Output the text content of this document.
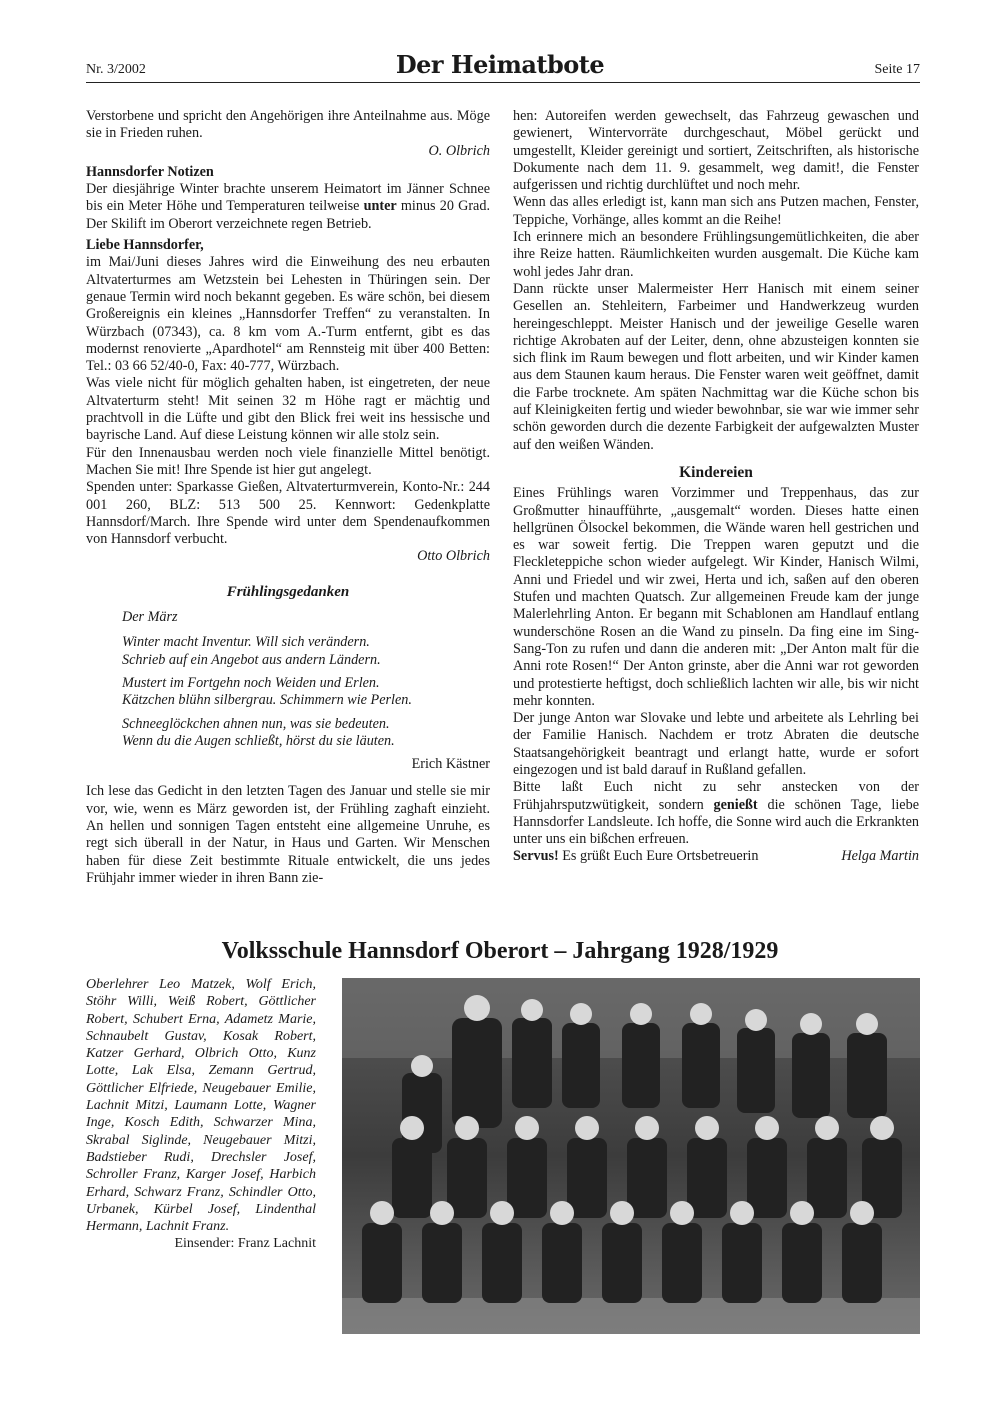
Nr. 3/2002	Der Heimatbote	Seite 17

Verstorbene und spricht den Angehörigen ihre Anteilnahme aus. Möge sie in Frieden ruhen.

O. Olbrich
Hannsdorfer Notizen

Der diesjährige Winter brachte unserem Heimatort im Jänner Schnee bis ein Meter Höhe und Temperaturen teilweise unter minus 20 Grad. Der Skilift im Oberort verzeichnete regen Betrieb.

Liebe Hannsdorfer,

im Mai/Juni dieses Jahres wird die Einweihung des neu erbauten Altvaterturmes am Wetzstein bei Lehesten in Thüringen sein. Der genaue Termin wird noch bekannt gegeben. Es wäre schön, bei diesem Großereignis ein kleines „Hannsdorfer Treffen“ zu veranstalten. In Würzbach (07343), ca. 8 km vom A.-Turm entfernt, gibt es das modernst renovierte „Apardhotel“ am Rennsteig mit über 400 Betten: Tel.: 03 66 52/40-0, Fax: 40-777, Würzbach.

Was viele nicht für möglich gehalten haben, ist eingetreten, der neue Altvaterturm steht! Mit seinen 32 m Höhe ragt er mächtig und prachtvoll in die Lüfte und gibt den Blick frei weit ins hessische und bayrische Land. Auf diese Leistung können wir alle stolz sein.

Für den Innenausbau werden noch viele finanzielle Mittel benötigt. Machen Sie mit! Ihre Spende ist hier gut angelegt.

Spenden unter: Sparkasse Gießen, Altvaterturmverein, Konto-Nr.: 244 001 260, BLZ: 513 500 25. Kennwort: Gedenkplatte Hannsdorf/March. Ihre Spende wird unter dem Spendenaufkommen von Hannsdorf verbucht.

Otto Olbrich
Frühlingsgedanken
Der März
Winter macht Inventur. Will sich verändern.
Schrieb auf ein Angebot aus andern Ländern.
Mustert im Fortgehn noch Weiden und Erlen.
Kätzchen blühn silbergrau. Schimmern wie Perlen.
Schneeglöckchen ahnen nun, was sie bedeuten.
Wenn du die Augen schließt, hörst du sie läuten.
Erich Kästner

Ich lese das Gedicht in den letzten Tagen des Januar und stelle sie mir vor, wie, wenn es März geworden ist, der Frühling zaghaft einzieht. An hellen und sonnigen Tagen entsteht eine allgemeine Unruhe, es regt sich überall in der Natur, in Haus und Garten. Wir Menschen haben für diese Zeit bestimmte Rituale entwickelt, die uns jedes Frühjahr immer wieder in ihren Bann zie-

hen: Autoreifen werden gewechselt, das Fahrzeug gewaschen und gewienert, Wintervorräte durchgeschaut, Möbel gerückt und umgestellt, Kleider gereinigt und sortiert, Zeitschriften, als historische Dokumente nach dem 11. 9. gesammelt, weg damit!, die Fenster aufgerissen und richtig durchlüftet und noch mehr.

Wenn das alles erledigt ist, kann man sich ans Putzen machen, Fenster, Teppiche, Vorhänge, alles kommt an die Reihe!

Ich erinnere mich an besondere Frühlingsungemütlichkeiten, die aber ihre Reize hatten. Räumlichkeiten wurden ausgemalt. Die Küche kam wohl jedes Jahr dran.

Dann rückte unser Malermeister Herr Hanisch mit einem seiner Gesellen an. Stehleitern, Farbeimer und Handwerkzeug wurden hereingeschleppt. Meister Hanisch und der jeweilige Geselle waren richtige Akrobaten auf der Leiter, denn, ohne abzusteigen konnten sie sich flink im Raum bewegen und flott arbeiten, und wir Kinder kamen aus dem Staunen kaum heraus. Die Fenster waren weit geöffnet, damit die Farbe trocknete. Am späten Nachmittag war die Küche schon bis auf Kleinigkeiten fertig und wieder bewohnbar, sie war wie immer sehr schön geworden durch die dezente Farbigkeit der aufgewalzten Muster auf den weißen Wänden.

Kindereien

Eines Frühlings waren Vorzimmer und Treppenhaus, das zur Großmutter hinaufführte, „ausgemalt“ worden. Dieses hatte einen hellgrünen Ölsockel bekommen, die Wände waren hell gestrichen und es war soweit fertig. Die Treppen waren geputzt und die Fleckleteppiche schon wieder aufgelegt. Wir Kinder, Hanisch Wilmi, Anni und Friedel und wir zwei, Herta und ich, saßen auf den oberen Stufen und machten Quatsch. Zur allgemeinen Freude kam der junge Malerlehrling Anton. Er begann mit Schablonen am Handlauf entlang wunderschöne Rosen an die Wand zu pinseln. Da fing eine im Sing-Sang-Ton zu rufen und dann die anderen mit: „Der Anton malt für die Anni rote Rosen!“ Der Anton grinste, aber die Anni war rot geworden und protestierte heftigst, doch schließlich lachten wir alle, bis wir nicht mehr konnten.

Der junge Anton war Slovake und lebte und arbeitete als Lehrling bei der Familie Hanisch. Nachdem er trotz Abraten die deutsche Staatsangehörigkeit beantragt und erlangt hatte, wurde er sofort eingezogen und ist bald darauf in Rußland gefallen.

Bitte laßt Euch nicht zu sehr anstecken von der Frühjahrsputzwütigkeit, sondern genießt die schönen Tage, liebe Hannsdorfer Landsleute. Ich hoffe, die Sonne wird auch die Erkrankten unter uns ein bißchen erfreuen.

Servus! Es grüßt Euch Eure Ortsbetreuerin	Helga Martin
Volksschule Hannsdorf Oberort – Jahrgang 1928/1929
Oberlehrer Leo Matzek, Wolf Erich, Stöhr Willi, Weiß Robert, Göttlicher Robert, Schubert Erna, Adametz Marie, Schnaubelt Gustav, Kosak Robert, Katzer Gerhard, Olbrich Otto, Kunz Lotte, Lak Elsa, Zemann Gertrud, Göttlicher Elfriede, Neugebauer Emilie, Lachnit Mitzi, Laumann Lotte, Wagner Inge, Kosch Edith, Schwarzer Mina, Skrabal Siglinde, Neugebauer Mitzi, Badstieber Rudi, Drechsler Josef, Schroller Franz, Karger Josef, Harbich Erhard, Schwarz Franz, Schindler Otto, Urbanek, Kürbel Josef, Lindenthal Hermann, Lachnit Franz.
Einsender: Franz Lachnit
